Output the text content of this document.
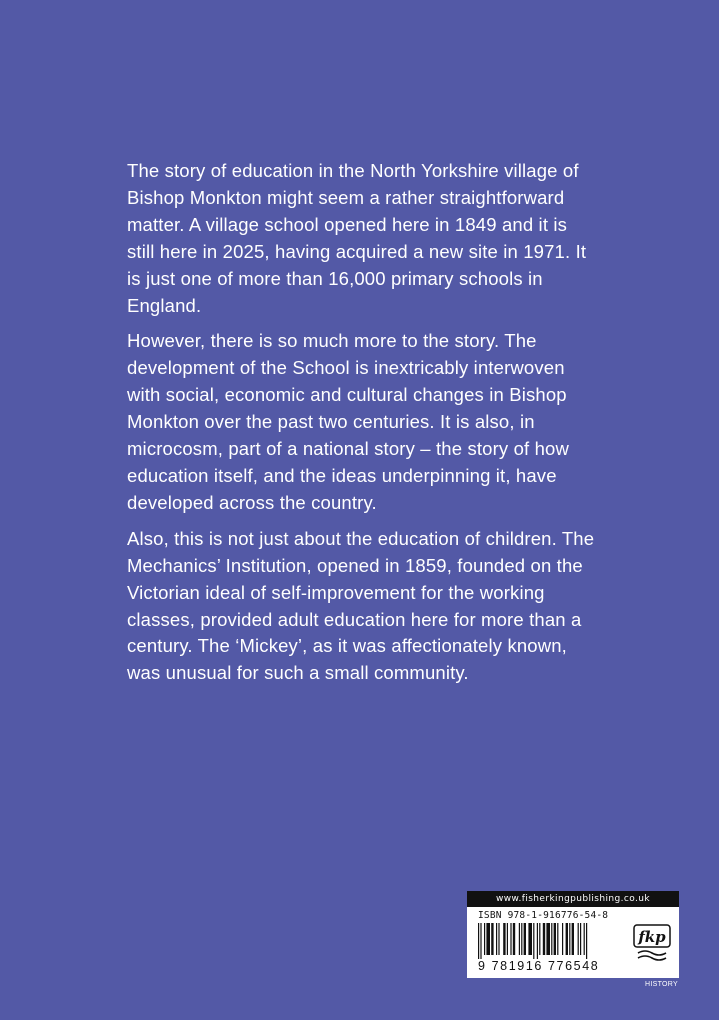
The story of education in the North Yorkshire village of Bishop Monkton might seem a rather straightforward matter. A village school opened here in 1849 and it is still here in 2025, having acquired a new site in 1971. It is just one of more than 16,000 primary schools in England.

However, there is so much more to the story. The development of the School is inextricably interwoven with social, economic and cultural changes in Bishop Monkton over the past two centuries. It is also, in microcosm, part of a national story – the story of how education itself, and the ideas underpinning it, have developed across the country.

Also, this is not just about the education of children. The Mechanics’ Institution, opened in 1859, founded on the Victorian ideal of self-improvement for the working classes, provided adult education here for more than a century. The ‘Mickey’, as it was affectionately known, was unusual for such a small community.

www.fisherkingpublishing.co.uk
ISBN 978-1-916776-54-8
9 781916 776548
fkp
HISTORY
